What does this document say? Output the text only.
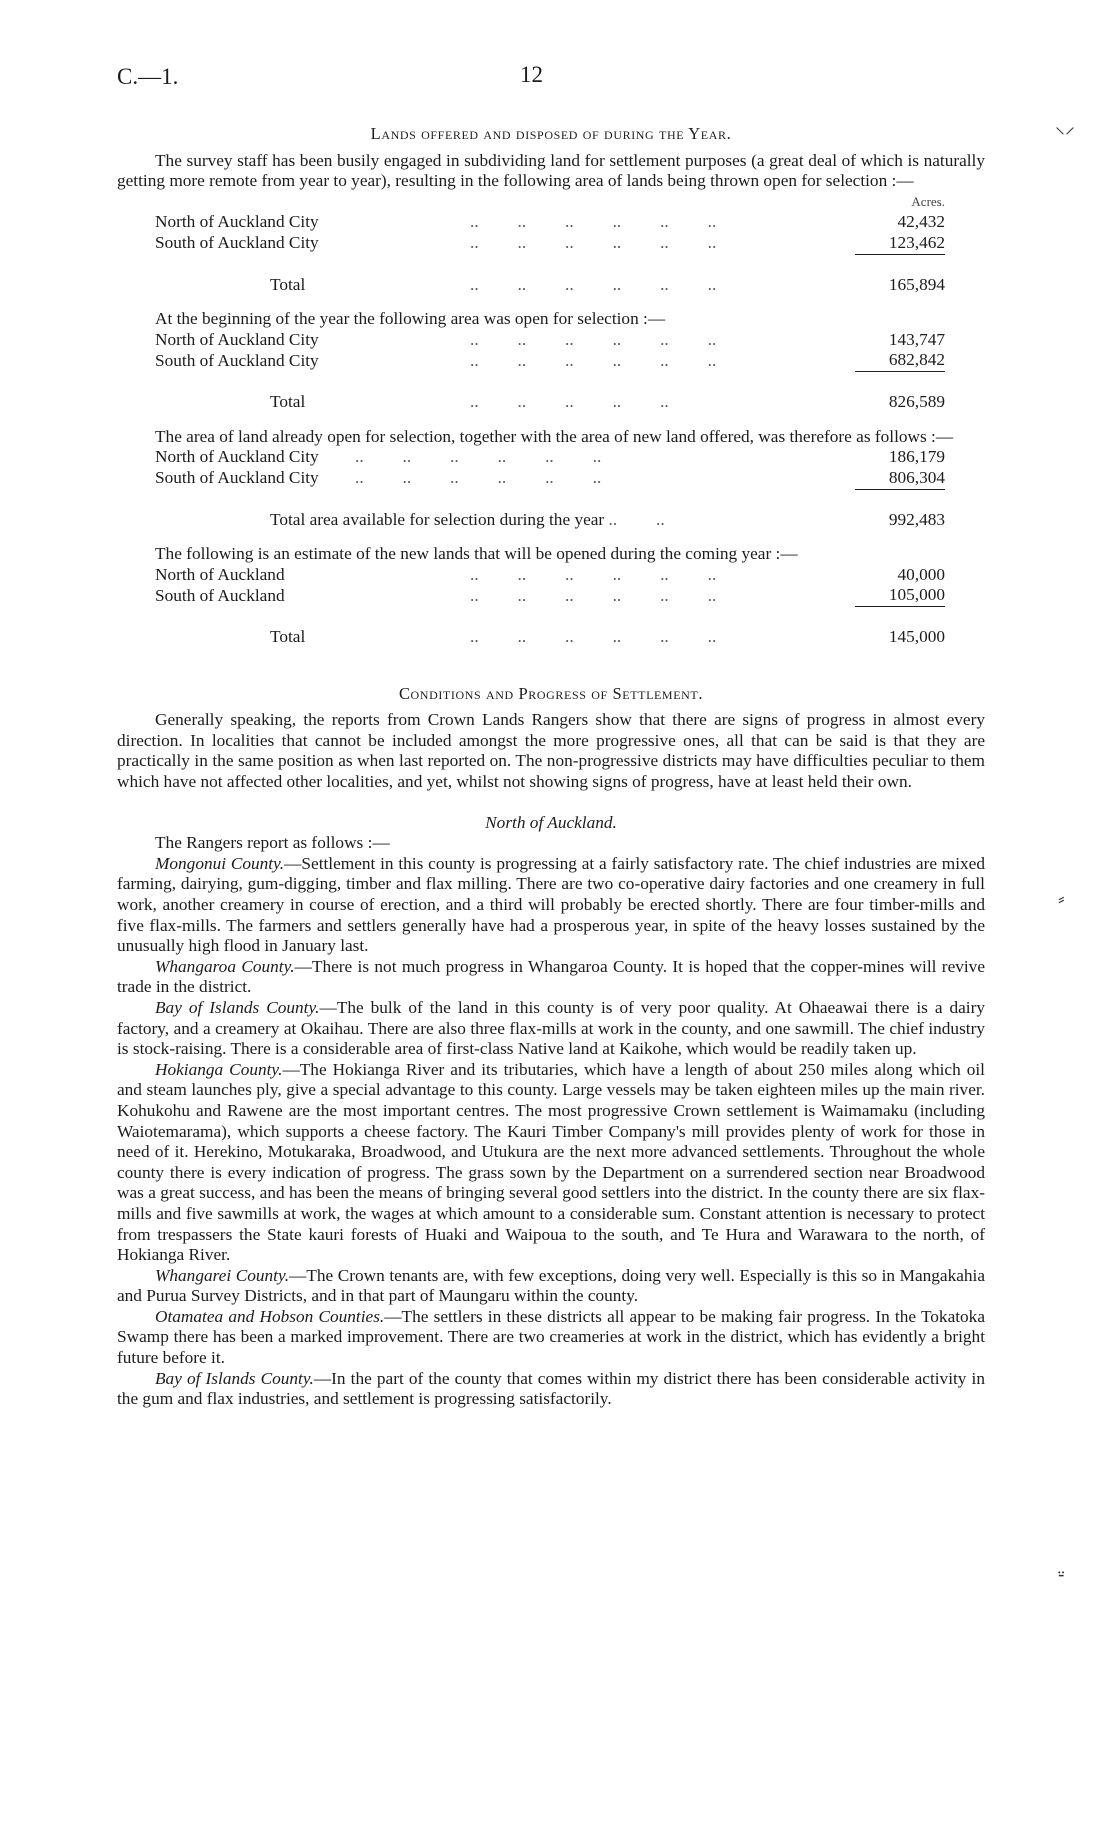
C.—1.	12
⸜⸝
⸗
⸚
Lands offered and disposed of during the Year.

The survey staff has been busily engaged in subdividing land for settlement purposes (a great deal of which is naturally getting more remote from year to year), resulting in the following area of lands being thrown open for selection :—

		Acres.
North of Auckland City	..         ..         ..         ..         ..         ..	42,432
South of Auckland City	..         ..         ..         ..         ..         ..	123,462

Total	..         ..         ..         ..         ..         ..	165,894

At the beginning of the year the following area was open for selection :—

North of Auckland City	..         ..         ..         ..         ..         ..	143,747
South of Auckland City	..         ..         ..         ..         ..         ..	682,842

Total	..         ..         ..         ..         ..	826,589

The area of land already open for selection, together with the area of new land offered, was therefore as follows :—

North of Auckland City	..         ..         ..         ..         ..         ..	186,179
South of Auckland City	..         ..         ..         ..         ..         ..	806,304

Total area available for selection during the year ..         ..		992,483

The following is an estimate of the new lands that will be opened during the coming year :—

North of Auckland	..         ..         ..         ..         ..         ..	40,000
South of Auckland	..         ..         ..         ..         ..         ..	105,000

Total	..         ..         ..         ..         ..         ..	145,000
Conditions and Progress of Settlement.

Generally speaking, the reports from Crown Lands Rangers show that there are signs of progress in almost every direction. In localities that cannot be included amongst the more progressive ones, all that can be said is that they are practically in the same position as when last reported on. The non-progressive districts may have difficulties peculiar to them which have not affected other localities, and yet, whilst not showing signs of progress, have at least held their own.

North of Auckland.

The Rangers report as follows :—

Mongonui County.—Settlement in this county is progressing at a fairly satisfactory rate. The chief industries are mixed farming, dairying, gum-digging, timber and flax milling. There are two co-operative dairy factories and one creamery in full work, another creamery in course of erection, and a third will probably be erected shortly. There are four timber-mills and five flax-mills. The farmers and settlers generally have had a prosperous year, in spite of the heavy losses sustained by the unusually high flood in January last.

Whangaroa County.—There is not much progress in Whangaroa County. It is hoped that the copper-mines will revive trade in the district.

Bay of Islands County.—The bulk of the land in this county is of very poor quality. At Ohaeawai there is a dairy factory, and a creamery at Okaihau. There are also three flax-mills at work in the county, and one sawmill. The chief industry is stock-raising. There is a considerable area of first-class Native land at Kaikohe, which would be readily taken up.

Hokianga County.—The Hokianga River and its tributaries, which have a length of about 250 miles along which oil and steam launches ply, give a special advantage to this county. Large vessels may be taken eighteen miles up the main river. Kohukohu and Rawene are the most important centres. The most progressive Crown settlement is Waimamaku (including Waiotemarama), which supports a cheese factory. The Kauri Timber Company's mill provides plenty of work for those in need of it. Herekino, Motukaraka, Broadwood, and Utukura are the next more advanced settlements. Throughout the whole county there is every indication of progress. The grass sown by the Department on a surrendered section near Broadwood was a great success, and has been the means of bringing several good settlers into the district. In the county there are six flax-mills and five sawmills at work, the wages at which amount to a considerable sum. Constant attention is necessary to protect from trespassers the State kauri forests of Huaki and Waipoua to the south, and Te Hura and Warawara to the north, of Hokianga River.

Whangarei County.—The Crown tenants are, with few exceptions, doing very well. Especially is this so in Mangakahia and Purua Survey Districts, and in that part of Maungaru within the county.

Otamatea and Hobson Counties.—The settlers in these districts all appear to be making fair progress. In the Tokatoka Swamp there has been a marked improvement. There are two creameries at work in the district, which has evidently a bright future before it.

Bay of Islands County.—In the part of the county that comes within my district there has been considerable activity in the gum and flax industries, and settlement is progressing satisfactorily.
